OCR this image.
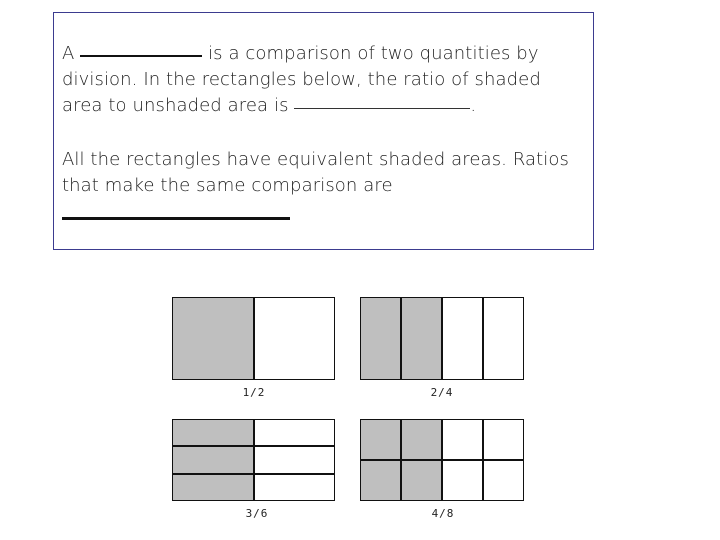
A	is a comparison of two quantities by division. In the rectangles below, the ratio of shaded area to unshaded area is	.

All the rectangles have equivalent shaded areas. Ratios that make the same comparison are

1/2	2/4
3/6	4/8
